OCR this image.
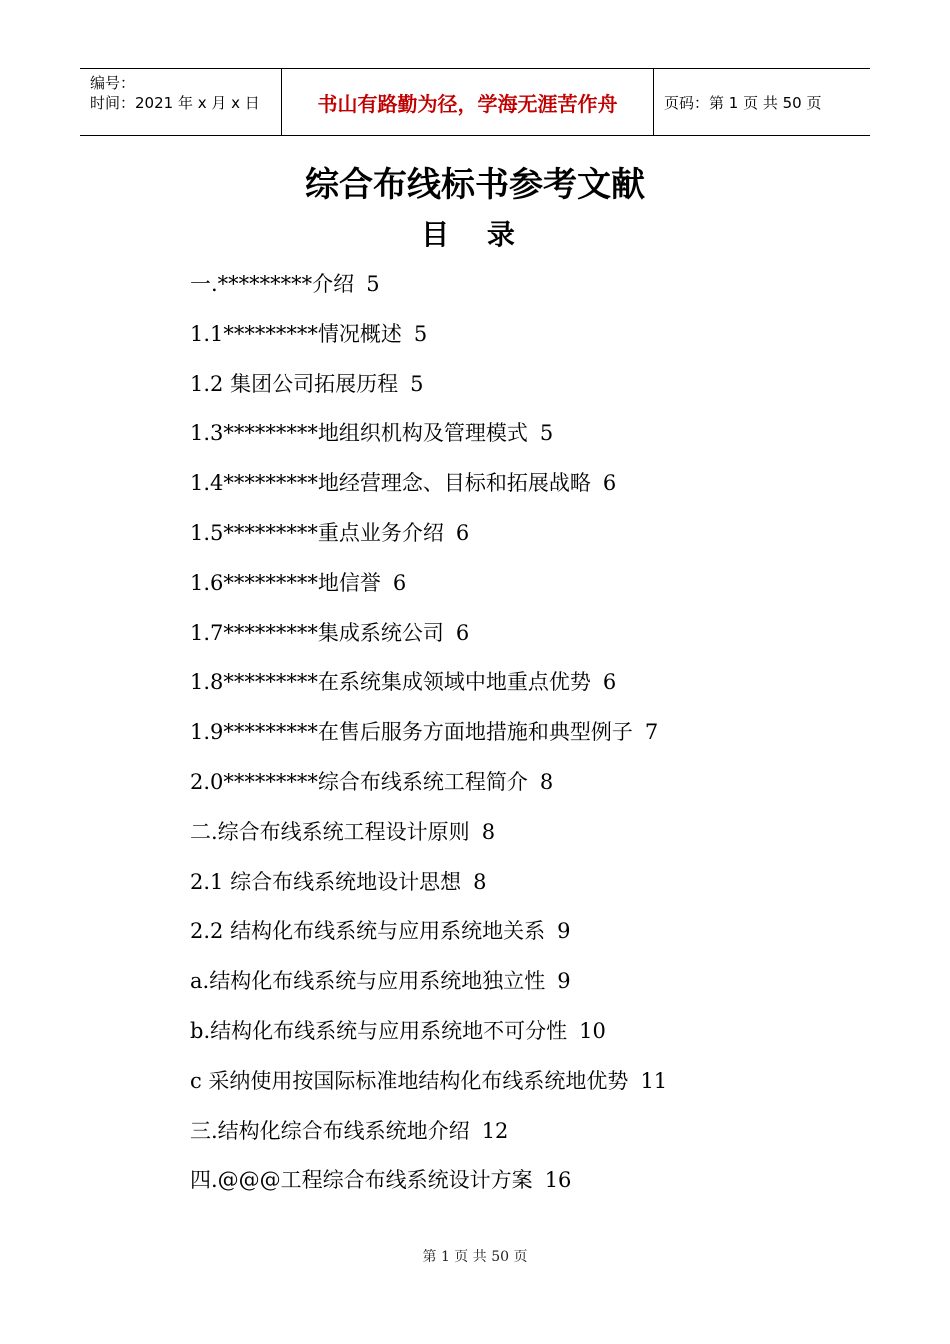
编号：
时间：2021 年 x 月 x 日	书山有路勤为径，学海无涯苦作舟	页码：第 1 页 共 50 页
综合布线标书参考文献
目 录
一.*********介绍 5
1.1*********情况概述 5
1.2 集团公司拓展历程 5
1.3*********地组织机构及管理模式 5
1.4*********地经营理念、目标和拓展战略 6
1.5*********重点业务介绍 6
1.6*********地信誉 6
1.7*********集成系统公司 6
1.8*********在系统集成领域中地重点优势 6
1.9*********在售后服务方面地措施和典型例子 7
2.0*********综合布线系统工程简介 8
二.综合布线系统工程设计原则 8
2.1 综合布线系统地设计思想 8
2.2 结构化布线系统与应用系统地关系 9
a.结构化布线系统与应用系统地独立性 9
b.结构化布线系统与应用系统地不可分性 10
c 采纳使用按国际标准地结构化布线系统地优势 11
三.结构化综合布线系统地介绍 12
四.@@@工程综合布线系统设计方案 16
第 1 页 共 50 页
